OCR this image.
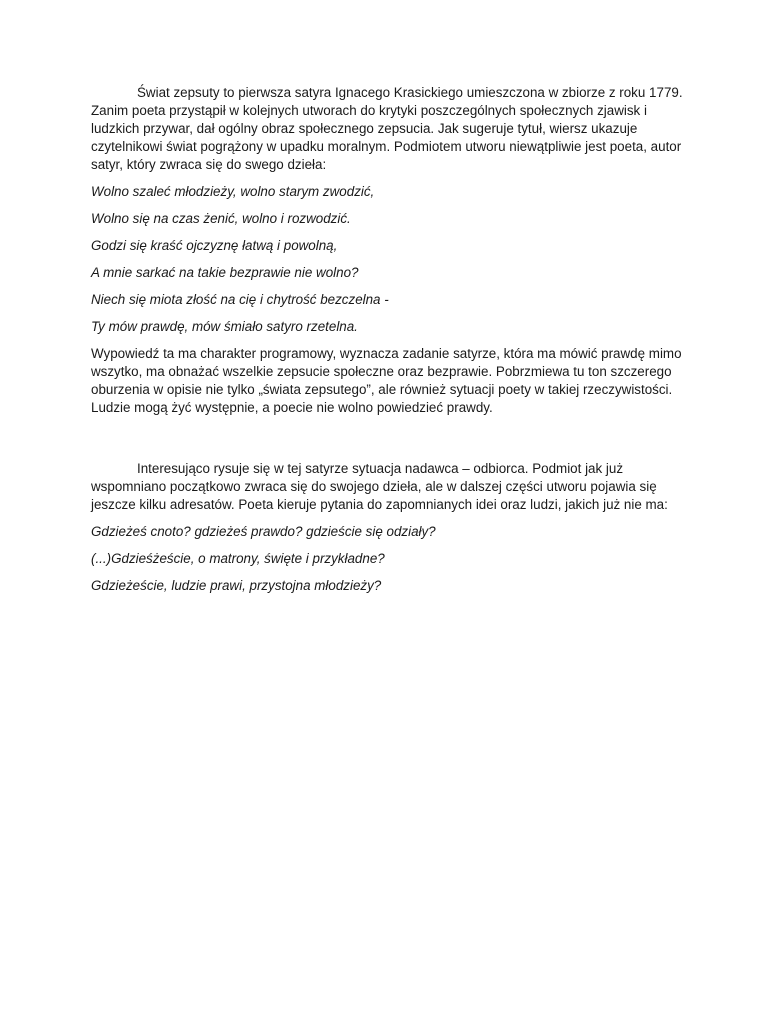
Świat zepsuty to pierwsza satyra Ignacego Krasickiego umieszczona w zbiorze z roku 1779. Zanim poeta przystąpił w kolejnych utworach do krytyki poszczególnych społecznych zjawisk i ludzkich przywar, dał ogólny obraz społecznego zepsucia. Jak sugeruje tytuł, wiersz ukazuje czytelnikowi świat pogrążony w upadku moralnym. Podmiotem utworu niewątpliwie jest poeta, autor satyr, który zwraca się do swego dzieła:

Wolno szaleć młodzieży, wolno starym zwodzić,

Wolno się na czas żenić, wolno i rozwodzić.

Godzi się kraść ojczyznę łatwą i powolną,

A mnie sarkać na takie bezprawie nie wolno?

Niech się miota złość na cię i chytrość bezczelna -

Ty mów prawdę, mów śmiało satyro rzetelna.

Wypowiedź ta ma charakter programowy, wyznacza zadanie satyrze, która ma mówić prawdę mimo wszytko, ma obnażać wszelkie zepsucie społeczne oraz bezprawie. Pobrzmiewa tu ton szczerego oburzenia w opisie nie tylko „świata zepsutego”, ale również sytuacji poety w takiej rzeczywistości. Ludzie mogą żyć występnie, a poecie nie wolno powiedzieć prawdy.

Interesująco rysuje się w tej satyrze sytuacja nadawca – odbiorca. Podmiot jak już wspomniano początkowo zwraca się do swojego dzieła, ale w dalszej części utworu pojawia się jeszcze kilku adresatów. Poeta kieruje pytania do zapomnianych idei oraz ludzi, jakich już nie ma:

Gdzieżeś cnoto? gdzieżeś prawdo? gdzieście się odziały?

(...)Gdzieśżeście, o matrony, święte i przykładne?

Gdzieżeście, ludzie prawi, przystojna młodzieży?
